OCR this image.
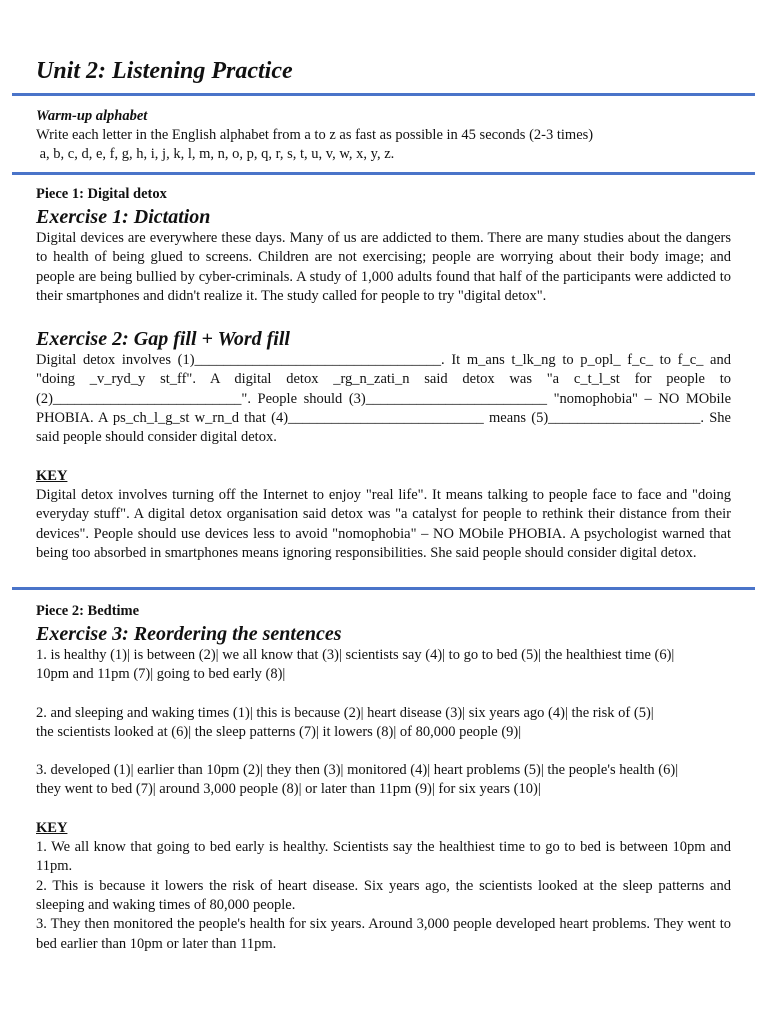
Unit 2: Listening Practice

Warm-up alphabet

Write each letter in the English alphabet from a to z as fast as possible in 45 seconds (2-3 times)

a, b, c, d, e, f, g, h, i, j, k, l, m, n, o, p, q, r, s, t, u, v, w, x, y, z.

Piece 1: Digital detox

Exercise 1: Dictation

Digital devices are everywhere these days. Many of us are addicted to them. There are many studies about the dangers to health of being glued to screens. Children are not exercising; people are worrying about their body image; and people are being bullied by cyber-criminals. A study of 1,000 adults found that half of the participants were addicted to their smartphones and didn't realize it. The study called for people to try "digital detox".

Exercise 2: Gap fill + Word fill

Digital detox involves (1)__________________________________. It m_ans t_lk_ng to p_opl_ f_c_ to f_c_ and "doing _v_ryd_y st_ff". A digital detox _rg_n_zati_n said detox was "a c_t_l_st for people to (2)__________________________". People should (3)_________________________ "nomophobia" – NO MObile PHOBIA. A ps_ch_l_g_st w_rn_d that (4)___________________________ means (5)_____________________. She said people should consider digital detox.

KEY

Digital detox involves turning off the Internet to enjoy "real life". It means talking to people face to face and "doing everyday stuff". A digital detox organisation said detox was "a catalyst for people to rethink their distance from their devices". People should use devices less to avoid "nomophobia" – NO MObile PHOBIA. A psychologist warned that being too absorbed in smartphones means ignoring responsibilities. She said people should consider digital detox.

Piece 2: Bedtime

Exercise 3: Reordering the sentences

1. is healthy (1)| is between (2)| we all know that (3)| scientists say (4)| to go to bed (5)| the healthiest time (6)|

10pm and 11pm (7)| going to bed early (8)|

2. and sleeping and waking times (1)| this is because (2)| heart disease (3)| six years ago (4)| the risk of (5)|

the scientists looked at (6)| the sleep patterns (7)| it lowers (8)| of 80,000 people (9)|

3. developed (1)| earlier than 10pm (2)| they then (3)| monitored (4)| heart problems (5)| the people's health (6)|

they went to bed (7)| around 3,000 people (8)| or later than 11pm (9)| for six years (10)|

KEY

1. We all know that going to bed early is healthy. Scientists say the healthiest time to go to bed is between 10pm and 11pm.

2. This is because it lowers the risk of heart disease. Six years ago, the scientists looked at the sleep patterns and sleeping and waking times of 80,000 people.

3. They then monitored the people's health for six years. Around 3,000 people developed heart problems. They went to bed earlier than 10pm or later than 11pm.
